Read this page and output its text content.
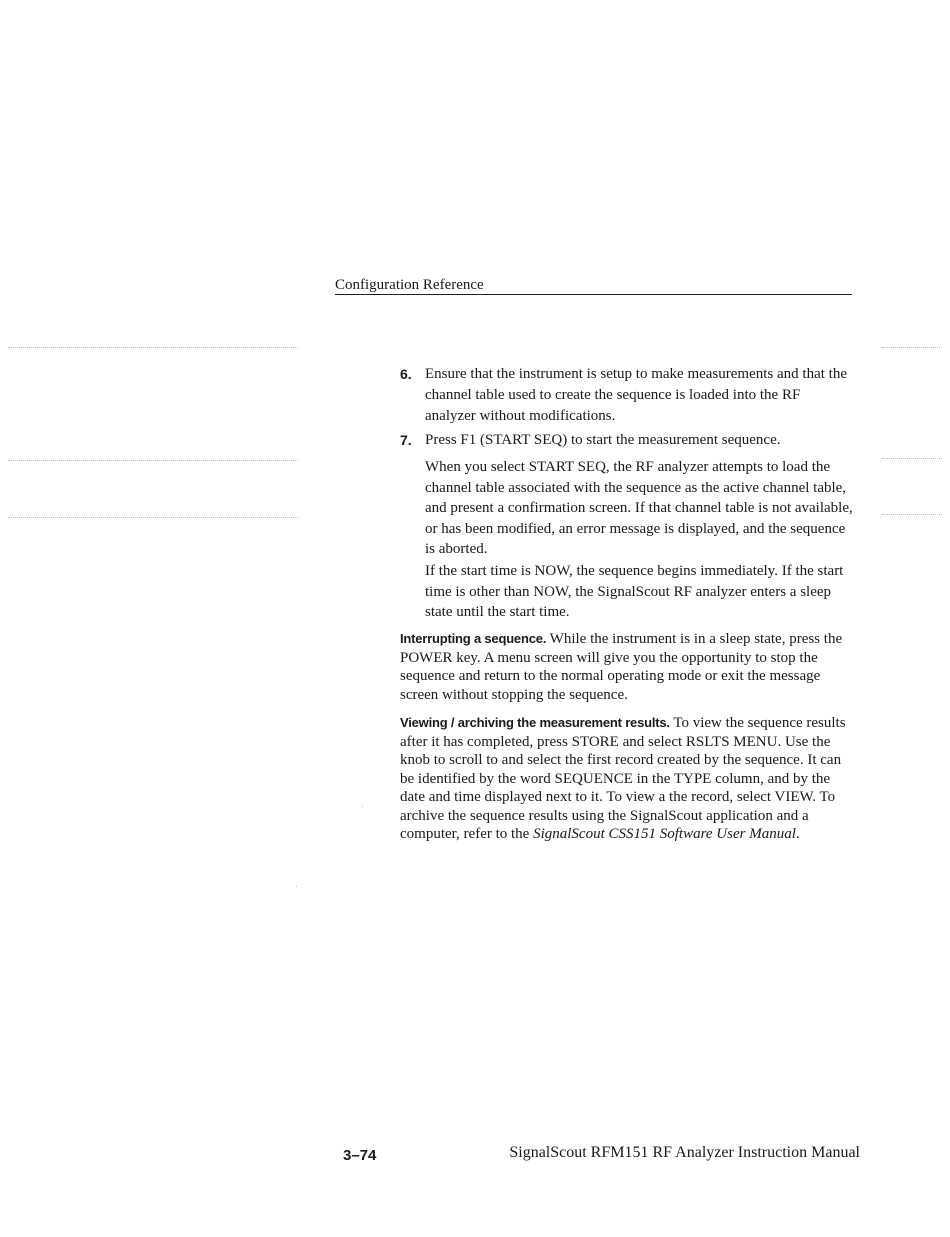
Configuration Reference
6. Ensure that the instrument is setup to make measurements and that the channel table used to create the sequence is loaded into the RF analyzer without modifications.
7. Press F1 (START SEQ) to start the measurement sequence.
When you select START SEQ, the RF analyzer attempts to load the channel table associated with the sequence as the active channel table, and present a confirmation screen. If that channel table is not available, or has been modified, an error message is displayed, and the sequence is aborted.
If the start time is NOW, the sequence begins immediately. If the start time is other than NOW, the SignalScout RF analyzer enters a sleep state until the start time.
Interrupting a sequence. While the instrument is in a sleep state, press the POWER key. A menu screen will give you the opportunity to stop the sequence and return to the normal operating mode or exit the message screen without stopping the sequence.
Viewing / archiving the measurement results. To view the sequence results after it has completed, press STORE and select RSLTS MENU. Use the knob to scroll to and select the first record created by the sequence. It can be identified by the word SEQUENCE in the TYPE column, and by the date and time displayed next to it. To view a the record, select VIEW. To archive the sequence results using the SignalScout application and a computer, refer to the SignalScout CSS151 Software User Manual.
3–74	SignalScout RFM151 RF Analyzer Instruction Manual
